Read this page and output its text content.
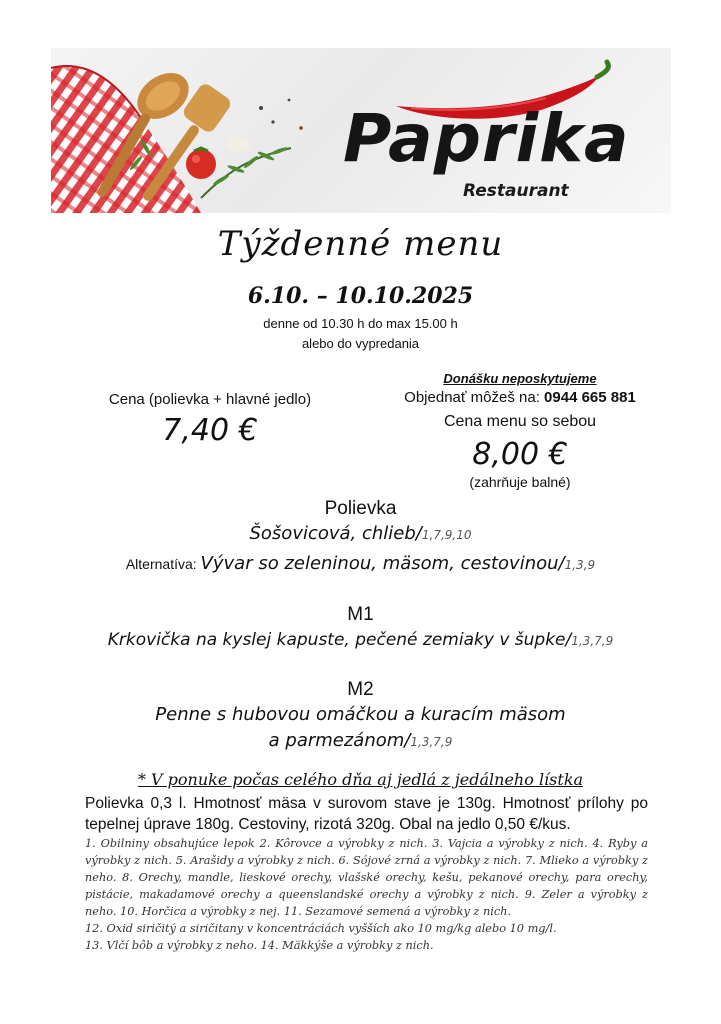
Paprika
Restaurant
Týždenné menu
6.10. – 10.10.2025
denne od 10.30 h do max 15.00 h
alebo do vypredania
Cena (polievka + hlavné jedlo)
7,40 €
Donášku neposkytujeme
Objednať môžeš na: 0944 665 881
Cena menu so sebou
8,00 €
(zahrňuje balné)
Polievka
Šošovicová, chlieb/1,7,9,10
Alternatíva: Vývar so zeleninou, mäsom, cestovinou/1,3,9
M1
Krkovička na kyslej kapuste, pečené zemiaky v šupke/1,3,7,9
M2
Penne s hubovou omáčkou a kuracím mäsom
a parmezánom/1,3,7,9
* V ponuke počas celého dňa aj jedlá z jedálneho lístka
Polievka 0,3 l. Hmotnosť mäsa v surovom stave je 130g. Hmotnosť prílohy po tepelnej úprave 180g. Cestoviny, rizotá 320g. Obal na jedlo 0,50 €/kus.
1. Obilniny obsahujúce lepok 2. Kôrovce a výrobky z nich. 3. Vajcia a výrobky z nich. 4. Ryby a výrobky z nich. 5. Arašidy a výrobky z nich. 6. Sójové zrná a výrobky z nich. 7. Mlieko a výrobky z neho. 8. Orechy, mandle, lieskové orechy, vlašské orechy, kešu, pekanové orechy, para orechy, pistácie, makadamové orechy a queenslandské orechy a výrobky z nich. 9. Zeler a výrobky z neho. 10. Horčica a výrobky z nej. 11. Sezamové semená a výrobky z nich.
12. Oxid siričitý a siričitany v koncentráciách vyšších ako 10 mg/kg alebo 10 mg/l.
13. Vlčí bôb a výrobky z neho. 14. Mäkkýše a výrobky z nich.
